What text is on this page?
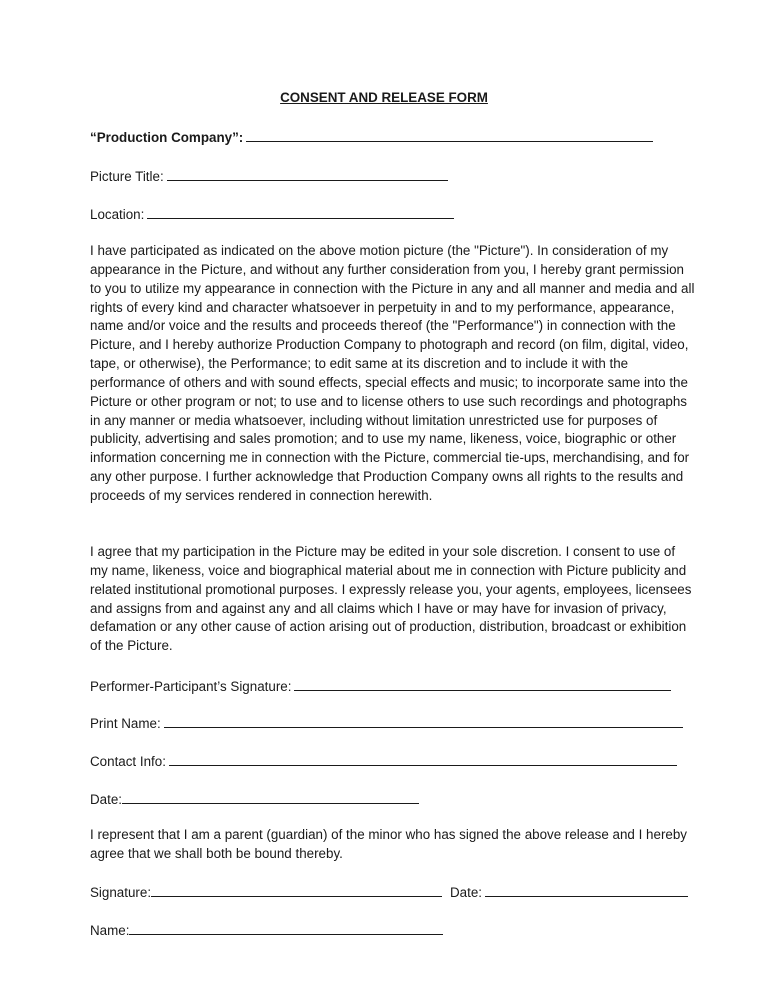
CONSENT AND RELEASE FORM
“Production Company”:
Picture Title:
Location:

I have participated as indicated on the above motion picture (the "Picture"). In consideration of my appearance in the Picture, and without any further consideration from you, I hereby grant permission to you to utilize my appearance in connection with the Picture in any and all manner and media and all rights of every kind and character whatsoever in perpetuity in and to my performance, appearance, name and/or voice and the results and proceeds thereof (the "Performance") in connection with the Picture, and I hereby authorize Production Company to photograph and record (on film, digital, video, tape, or otherwise), the Performance; to edit same at its discretion and to include it with the performance of others and with sound effects, special effects and music; to incorporate same into the Picture or other program or not; to use and to license others to use such recordings and photographs in any manner or media whatsoever, including without limitation unrestricted use for purposes of publicity, advertising and sales promotion; and to use my name, likeness, voice, biographic or other information concerning me in connection with the Picture, commercial tie-ups, merchandising, and for any other purpose. I further acknowledge that Production Company owns all rights to the results and proceeds of my services rendered in connection herewith.

I agree that my participation in the Picture may be edited in your sole discretion. I consent to use of my name, likeness, voice and biographical material about me in connection with Picture publicity and related institutional promotional purposes. I expressly release you, your agents, employees, licensees and assigns from and against any and all claims which I have or may have for invasion of privacy, defamation or any other cause of action arising out of production, distribution, broadcast or exhibition of the Picture.

Performer-Participant’s Signature:
Print Name:
Contact Info:
Date:

I represent that I am a parent (guardian) of the minor who has signed the above release and I hereby agree that we shall both be bound thereby.

Signature:	Date:
Name:
